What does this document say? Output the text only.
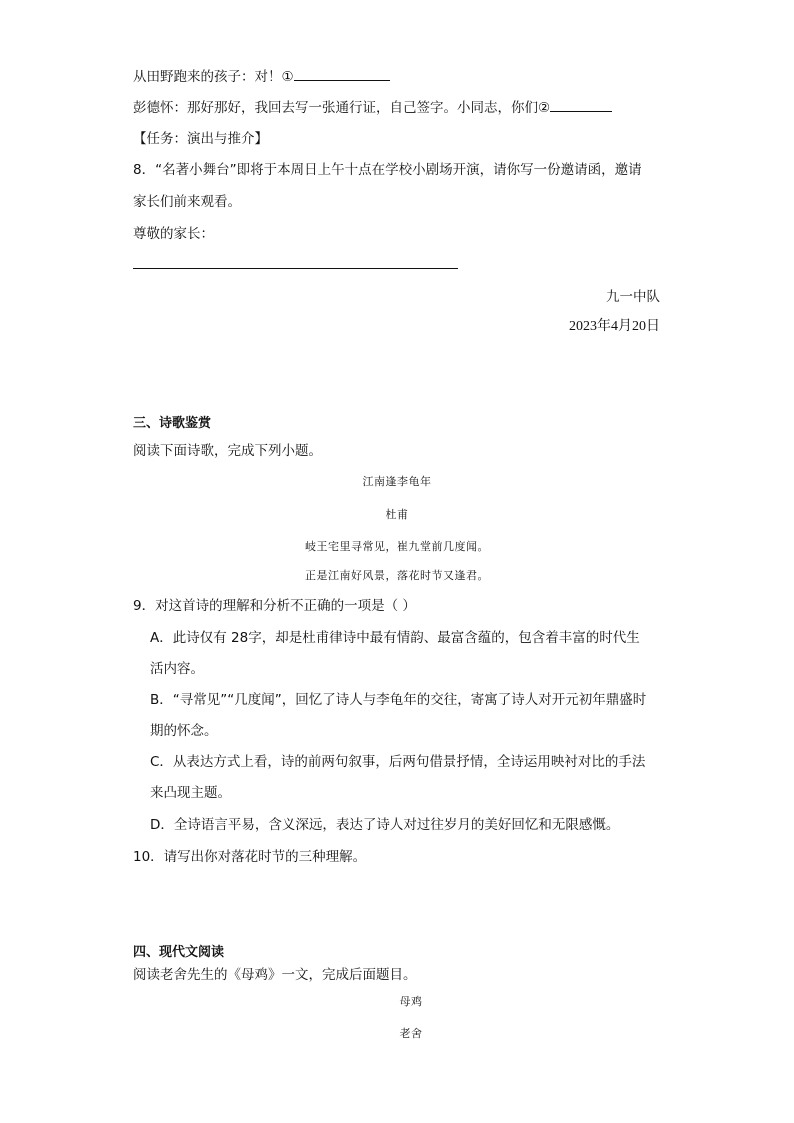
从田野跑来的孩子：对！①
彭德怀：那好那好，我回去写一张通行证，自己签字。小同志，你们②
【任务：演出与推介】
8．“名著小舞台”即将于本周日上午十点在学校小剧场开演，请你写一份邀请函，邀请
家长们前来观看。
尊敬的家长：
九一中队
2023年4月20日
三、诗歌鉴赏
阅读下面诗歌，完成下列小题。
江南逢李龟年
杜甫
岐王宅里寻常见，崔九堂前几度闻。
正是江南好风景，落花时节又逢君。
9．对这首诗的理解和分析不正确的一项是（ ）
A．此诗仅有 28字，却是杜甫律诗中最有情韵、最富含蕴的，包含着丰富的时代生
活内容。
B．“寻常见”“几度闻”，回忆了诗人与李龟年的交往，寄寓了诗人对开元初年鼎盛时
期的怀念。
C．从表达方式上看，诗的前两句叙事，后两句借景抒情，全诗运用映衬对比的手法
来凸现主题。
D．全诗语言平易，含义深远，表达了诗人对过往岁月的美好回忆和无限感慨。
10．请写出你对落花时节的三种理解。
四、现代文阅读
阅读老舍先生的《母鸡》一文，完成后面题目。
母鸡
老舍
